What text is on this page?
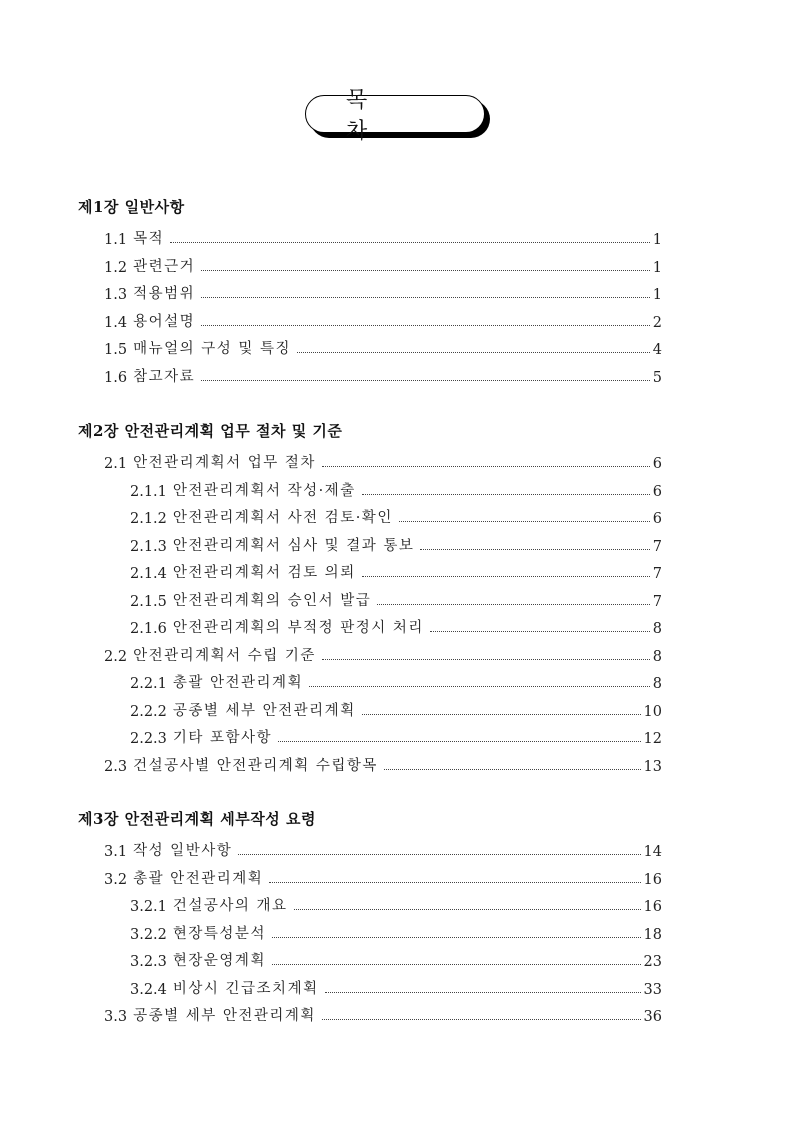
목 차
제1장 일반사항
1.1 목적	1
1.2 관련근거	1
1.3 적용범위	1
1.4 용어설명	2
1.5 매뉴얼의 구성 및 특징	4
1.6 참고자료	5
제2장 안전관리계획 업무 절차 및 기준
2.1 안전관리계획서 업무 절차	6
2.1.1 안전관리계획서 작성·제출	6
2.1.2 안전관리계획서 사전 검토·확인	6
2.1.3 안전관리계획서 심사 및 결과 통보	7
2.1.4 안전관리계획서 검토 의뢰	7
2.1.5 안전관리계획의 승인서 발급	7
2.1.6 안전관리계획의 부적정 판정시 처리	8
2.2 안전관리계획서 수립 기준	8
2.2.1 총괄 안전관리계획	8
2.2.2 공종별 세부 안전관리계획	10
2.2.3 기타 포함사항	12
2.3 건설공사별 안전관리계획 수립항목	13
제3장 안전관리계획 세부작성 요령
3.1 작성 일반사항	14
3.2 총괄 안전관리계획	16
3.2.1 건설공사의 개요	16
3.2.2 현장특성분석	18
3.2.3 현장운영계획	23
3.2.4 비상시 긴급조치계획	33
3.3 공종별 세부 안전관리계획	36
